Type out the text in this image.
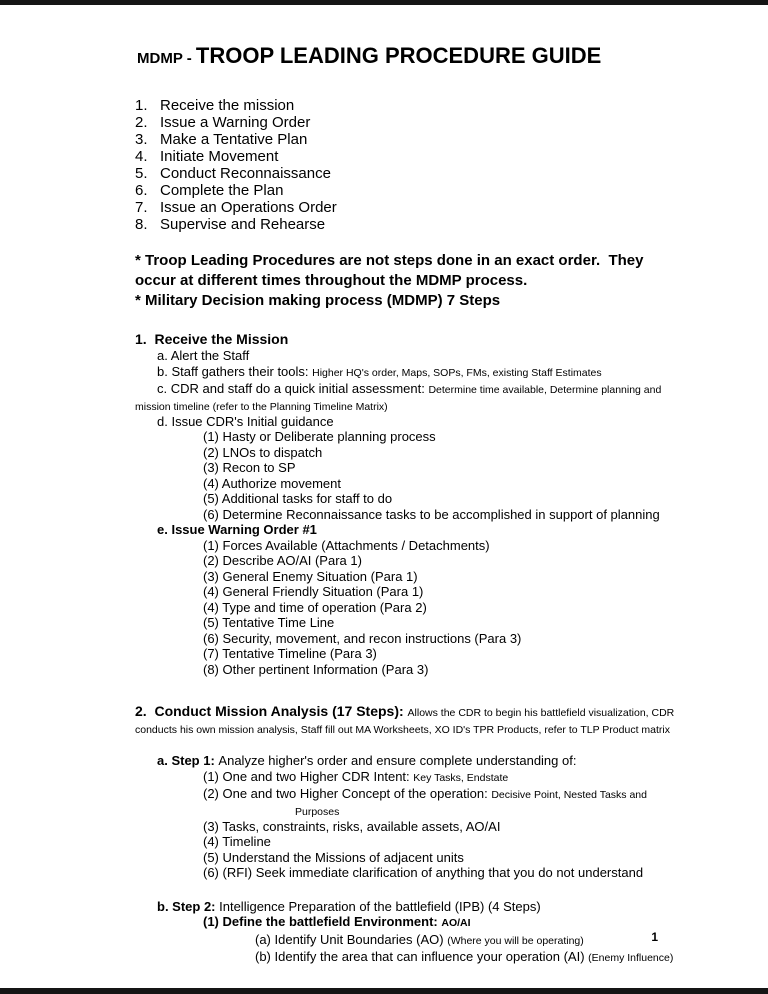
MDMP - TROOP LEADING PROCEDURE GUIDE
1.   Receive the mission
2.   Issue a Warning Order
3.   Make a Tentative Plan
4.   Initiate Movement
5.   Conduct Reconnaissance
6.   Complete the Plan
7.   Issue an Operations Order
8.   Supervise and Rehearse
* Troop Leading Procedures are not steps done in an exact order.  They
occur at different times throughout the MDMP process.
* Military Decision making process (MDMP) 7 Steps
1.  Receive the Mission
a. Alert the Staff
b. Staff gathers their tools: Higher HQ's order, Maps, SOPs, FMs, existing Staff Estimates
c. CDR and staff do a quick initial assessment: Determine time available, Determine planning and
mission timeline (refer to the Planning Timeline Matrix)
d. Issue CDR's Initial guidance
(1) Hasty or Deliberate planning process
(2) LNOs to dispatch
(3) Recon to SP
(4) Authorize movement
(5) Additional tasks for staff to do
(6) Determine Reconnaissance tasks to be accomplished in support of planning
e. Issue Warning Order #1
(1) Forces Available (Attachments / Detachments)
(2) Describe AO/AI (Para 1)
(3) General Enemy Situation (Para 1)
(4) General Friendly Situation (Para 1)
(4) Type and time of operation (Para 2)
(5) Tentative Time Line
(6) Security, movement, and recon instructions (Para 3)
(7) Tentative Timeline (Para 3)
(8) Other pertinent Information (Para 3)
2.  Conduct Mission Analysis (17 Steps): Allows the CDR to begin his battlefield visualization, CDR
conducts his own mission analysis, Staff fill out MA Worksheets, XO ID's TPR Products, refer to TLP Product matrix
a. Step 1: Analyze higher's order and ensure complete understanding of:
(1) One and two Higher CDR Intent: Key Tasks, Endstate
(2) One and two Higher Concept of the operation: Decisive Point, Nested Tasks and
Purposes
(3) Tasks, constraints, risks, available assets, AO/AI
(4) Timeline
(5) Understand the Missions of adjacent units
(6) (RFI) Seek immediate clarification of anything that you do not understand
b. Step 2: Intelligence Preparation of the battlefield (IPB) (4 Steps)
(1) Define the battlefield Environment: AO/AI
(a) Identify Unit Boundaries (AO) (Where you will be operating)
(b) Identify the area that can influence your operation (AI) (Enemy Influence)
1
